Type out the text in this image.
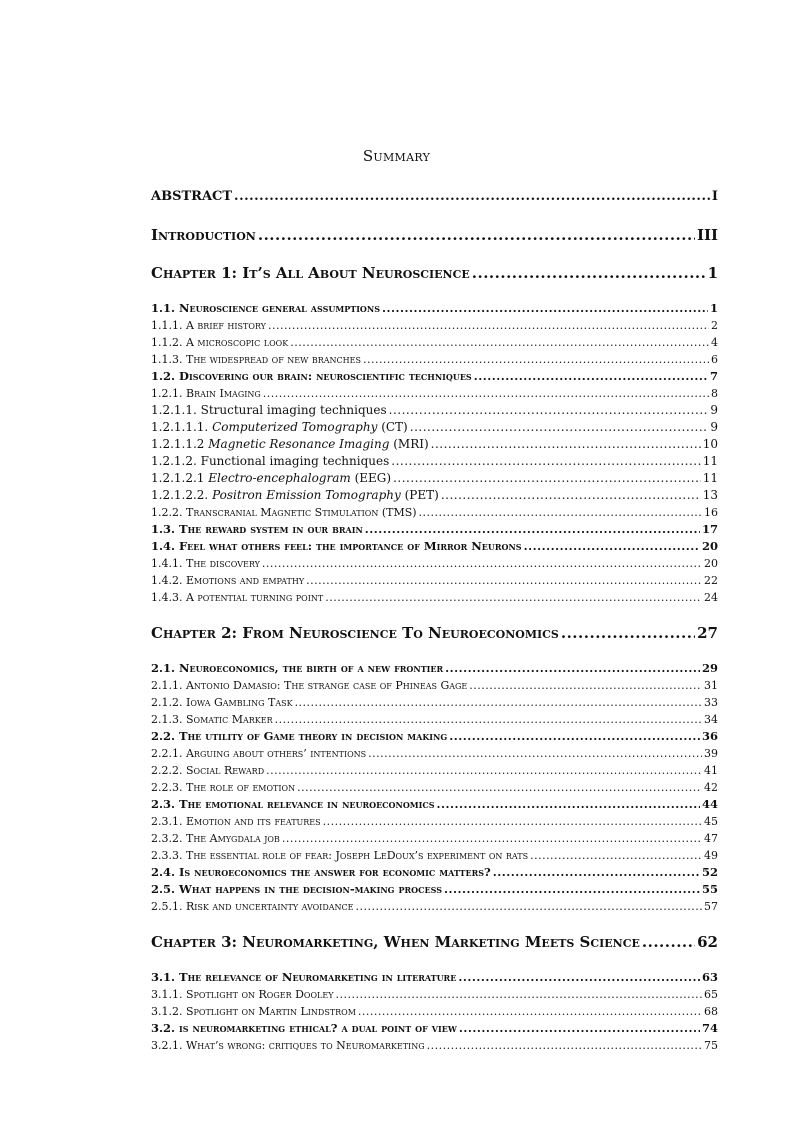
Summary
ABSTRACT .....	I
Introduction .....	III
Chapter 1: It’s All About Neuroscience .....	1
1.1. Neuroscience general assumptions .....	1
1.1.1. A brief history .....	2
1.1.2. A microscopic look .....	4
1.1.3. The widespread of new branches .....	6
1.2. Discovering our brain: neuroscientific techniques .....	7
1.2.1. Brain Imaging .....	8
1.2.1.1. Structural imaging techniques .....	9
1.2.1.1.1. Computerized Tomography (CT) .....	9
1.2.1.1.2 Magnetic Resonance Imaging (MRI) .....	10
1.2.1.2. Functional imaging techniques .....	11
1.2.1.2.1 Electro-encephalogram (EEG) .....	11
1.2.1.2.2. Positron Emission Tomography (PET) .....	13
1.2.2. Transcranial Magnetic Stimulation (TMS) .....	16
1.3. The reward system in our brain .....	17
1.4. Feel what others feel: the importance of Mirror Neurons .....	20
1.4.1. The discovery .....	20
1.4.2. Emotions and empathy .....	22
1.4.3. A potential turning point .....	24
Chapter 2: From Neuroscience To Neuroeconomics .....	27
2.1. Neuroeconomics, the birth of a new frontier .....	29
2.1.1. Antonio Damasio: The strange case of Phineas Gage .....	31
2.1.2. Iowa Gambling Task .....	33
2.1.3. Somatic Marker .....	34
2.2. The utility of Game theory in decision making .....	36
2.2.1. Arguing about others’ intentions .....	39
2.2.2. Social Reward .....	41
2.2.3. The role of emotion .....	42
2.3. The emotional relevance in neuroeconomics .....	44
2.3.1. Emotion and its features .....	45
2.3.2. The Amygdala job .....	47
2.3.3. The essential role of fear: Joseph LeDoux’s experiment on rats .....	49
2.4. Is neuroeconomics the answer for economic matters? .....	52
2.5. What happens in the decision-making process .....	55
2.5.1. Risk and uncertainty avoidance .....	57
Chapter 3: Neuromarketing, When Marketing Meets Science .....	62
3.1. The relevance of Neuromarketing in literature .....	63
3.1.1. Spotlight on Roger Dooley .....	65
3.1.2. Spotlight on Martin Lindstrom .....	68
3.2. is neuromarketing ethical? a dual point of view .....	74
3.2.1. What’s wrong: critiques to Neuromarketing .....	75
